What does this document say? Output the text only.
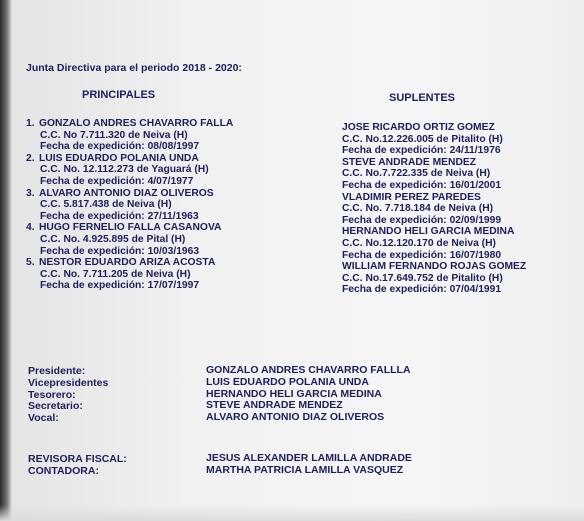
Junta Directiva para el periodo 2018 - 2020:
PRINCIPALES	SUPLENTES
1. GONZALO ANDRES CHAVARRO FALLA
C.C. No 7.711.320 de Neiva (H)
Fecha de expedición: 08/08/1997
2. LUIS EDUARDO POLANIA UNDA
C.C. No. 12.112.273 de Yaguará (H)
Fecha de expedición: 4/07/1977
3. ALVARO ANTONIO DIAZ OLIVEROS
C.C. 5.817.438 de Neiva (H)
Fecha de expedición: 27/11/1963
4. HUGO FERNELIO FALLA CASANOVA
C.C. No. 4.925.895 de Pital (H)
Fecha de expedición: 10/03/1963
5. NESTOR EDUARDO ARIZA ACOSTA
C.C. No. 7.711.205 de Neiva (H)
Fecha de expedición: 17/07/1997
JOSE RICARDO ORTIZ GOMEZ
C.C. No.12.226.005 de Pitalito (H)
Fecha de expedición: 24/11/1976
STEVE ANDRADE MENDEZ
C.C. No.7.722.335 de Neiva (H)
Fecha de expedición: 16/01/2001
VLADIMIR PEREZ PAREDES
C.C. No. 7.718.184 de Neiva (H)
Fecha de expedición: 02/09/1999
HERNANDO HELI GARCIA MEDINA
C.C. No.12.120.170 de Neiva (H)
Fecha de expedición: 16/07/1980
WILLIAM FERNANDO ROJAS GOMEZ
C.C. No.17.649.752 de Pitalito (H)
Fecha de expedición: 07/04/1991
Presidente:
Vicepresidentes
Tesorero:
Secretario:
Vocal:
GONZALO ANDRES CHAVARRO FALLLA
LUIS EDUARDO POLANIA UNDA
HERNANDO HELI GARCIA MEDINA
STEVE ANDRADE MENDEZ
ALVARO ANTONIO DIAZ OLIVEROS
REVISORA FISCAL:
CONTADORA:
JESUS ALEXANDER LAMILLA ANDRADE
MARTHA PATRICIA LAMILLA VASQUEZ
